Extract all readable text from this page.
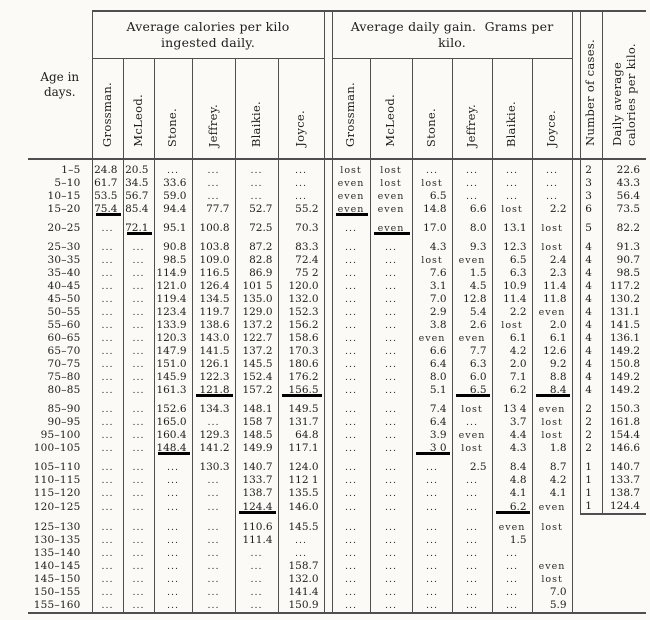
Age in days.	Average calories per kilo ingested daily.							Average daily gain.  Grams per kilo.							Number of cases.	Daily average calories per kilo.
	Grossman.	McLeod.	Stone.	Jeffrey.	Blaikie.	Joyce.		Grossman.	McLeod.	Stone.	Jeffrey.	Blaikie.	Joyce.			
1–5	24.8	20.5	...	...	...	...		lost	lost	...	...	...	...		2	22.6
5–10	61.7	34.5	33.6	...	...	...		even	lost	lost	...	...	...		3	43.3
10–15	53.5	56.7	59.0	...	...	...		even	even	6.5	...	...	...		3	56.4
15–20	75.4	85.4	94.4	77.7	52.7	55.2		even	even	14.8	6.6	lost	2.2		6	73.5

20–25	...	72.1	95.1	100.8	72.5	70.3		...	even	17.0	8.0	13.1	lost		5	82.2

25–30	...	...	90.8	103.8	87.2	83.3		...	...	4.3	9.3	12.3	lost		4	91.3
30–35	...	...	98.5	109.0	82.8	72.4		...	...	lost	even	6.5	2.4		4	90.7
35–40	...	...	114.9	116.5	86.9	75 2		...	...	7.6	1.5	6.3	2.3		4	98.5
40–45	...	...	121.0	126.4	101 5	120.0		...	...	3.1	4.5	10.9	11.4		4	117.2
45–50	...	...	119.4	134.5	135.0	132.0		...	...	7.0	12.8	11.4	11.8		4	130.2
50–55	...	...	123.4	119.7	129.0	152.3		...	...	2.9	5.4	2.2	even		4	131.1
55–60	...	...	133.9	138.6	137.2	156.2		...	...	3.8	2.6	lost	2.0		4	141.5
60–65	...	...	120.3	143.0	122.7	158.6		...	...	even	even	6.1	6.1		4	136.1
65–70	...	...	147.9	141.5	137.2	170.3		...	...	6.6	7.7	4.2	12.6		4	149.2
70–75	...	...	151.0	126.1	145.5	180.6		...	...	6.4	6.3	2.0	9.2		4	150.8
75–80	...	...	145.9	122.3	152.4	176.2		...	...	8.0	6.0	7.1	8.8		4	149.2
80–85	...	...	161.3	121.8	157.2	156.5		...	...	5.1	6.5	6.2	8.4		4	149.2

85–90	...	...	152.6	134.3	148.1	149.5		...	...	7.4	lost	13 4	even		2	150.3
90–95	...	...	165.0	...	158 7	131.7		...	...	6.4	...	3.7	lost		2	161.8
95–100	...	...	160.4	129.3	148.5	64.8		...	...	3.9	even	4.4	lost		2	154.4
100–105	...	...	148.4	141.2	149.9	117.1		...	...	3 0	lost	4.3	1.8		2	146.6

105–110	...	...	...	130.3	140.7	124.0		...	...	...	2.5	8.4	8.7		1	140.7
110–115	...	...	...	...	133.7	112 1		...	...	...	...	4.8	4.2		1	133.7
115–120	...	...	...	...	138.7	135.5		...	...	...	...	4.1	4.1		1	138.7
120–125	...	...	...	...	124.4	146.0		...	...	...	...	6.2	even		1	124.4

125–130	...	...	...	...	110.6	145.5		...	...	...	...	even	lost			
130–135	...	...	...	...	111.4	...		...	...	...	...	1.5				
135–140	...	...	...	...	...	...		...	...	...	...	...				
140–145	...	...	...	...	...	158.7		...	...	...	...	...	even			
145–150	...	...	...	...	...	132.0		...	...	...	...	...	lost			
150–155	...	...	...	...	...	141.4		...	...	...	...	...	7.0			
155–160	...	...	...	...	...	150.9		...	...	...	...	...	5.9			
